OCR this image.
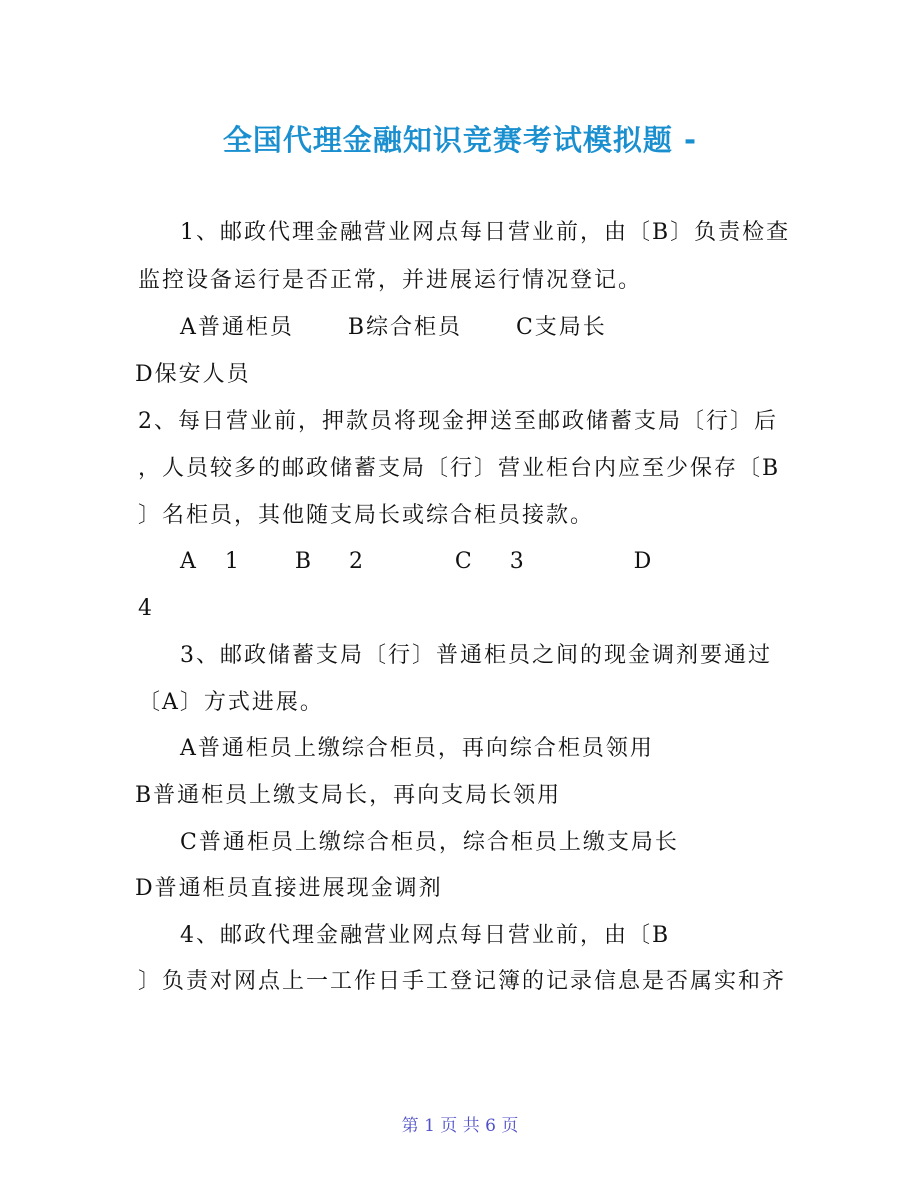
全国代理金融知识竞赛考试模拟题 -
1、邮政代理金融营业网点每日营业前，由〔B〕负责检查
监控设备运行是否正常，并进展运行情况登记。
A普通柜员      B综合柜员      C支局长
D保安人员
2、每日营业前，押款员将现金押送至邮政储蓄支局〔行〕后
，人员较多的邮政储蓄支局〔行〕营业柜台内应至少保存〔B
〕名柜员，其他随支局长或综合柜员接款。
A   1      B    2          C    3            D
4
3、邮政储蓄支局〔行〕普通柜员之间的现金调剂要通过
〔A〕方式进展。
A普通柜员上缴综合柜员，再向综合柜员领用
B普通柜员上缴支局长，再向支局长领用
C普通柜员上缴综合柜员，综合柜员上缴支局长
D普通柜员直接进展现金调剂
4、邮政代理金融营业网点每日营业前，由〔B
〕负责对网点上一工作日手工登记簿的记录信息是否属实和齐
第 1 页 共 6 页
